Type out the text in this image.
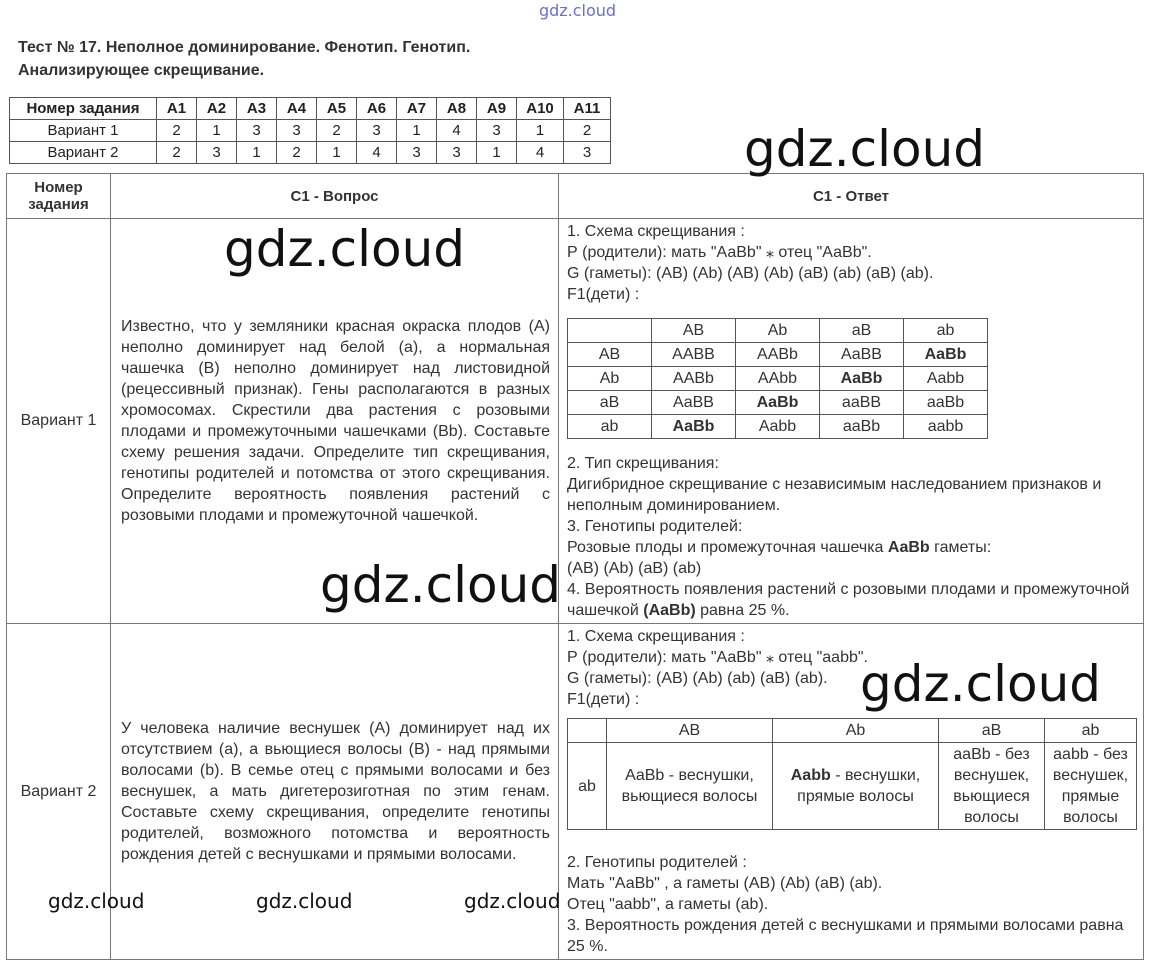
gdz.cloud
Тест № 17. Неполное доминирование. Фенотип. Генотип.
Анализирующее скрещивание.
Номер задания	A1	A2	A3	A4	A5	A6	A7	A8	A9	A10	A11
Вариант 1	2	1	3	3	2	3	1	4	3	1	2
Вариант 2	2	3	1	2	1	4	3	3	1	4	3
Номер задания	С1 - Вопрос	С1 - Ответ
Вариант 1	Известно, что у земляники красная окраска плодов (А) неполно доминирует над белой (а), а нормальная чашечка (В) неполно доминирует над листовидной (рецессивный признак). Гены располагаются в разных хромосомах. Скрестили два растения с розовыми плодами и промежуточными чашечками (Bb). Составьте схему решения задачи. Определите тип скрещивания, генотипы родителей и потомства от этого скрещивания. Определите вероятность появления растений с розовыми плодами и промежуточной чашечкой.	

1. Схема скрещивания :

Р (родители): мать "АаBb" ⁎ отец "АаBb".

G (гаметы): (AB) (Ab) (AB) (Ab) (aB) (ab) (aB) (ab).

F1(дети) :

	AB	Ab	aB	ab
AB	AABB	AABb	AaBB	AaBb
Ab	AABb	AAbb	AaBb	Aabb
aB	AaBB	AaBb	aaBB	aaBb
ab	AaBb	Aabb	aaBb	aabb

2. Тип скрещивания:

Дигибридное скрещивание с независимым наследованием признаков и неполным доминированием.

3. Генотипы родителей:

Розовые плоды и промежуточная чашечка AaBb гаметы:

(AB) (Ab) (aB) (ab)

4. Вероятность появления растений с розовыми плодами и промежуточной чашечкой (AaBb) равна 25 %.

Вариант 2	У человека наличие веснушек (А) доминирует над их отсутствием (а), а вьющиеся волосы (В) - над прямыми волосами (b). В семье отец с прямыми волосами и без веснушек, а мать дигетерозиготная по этим генам. Составьте схему скрещивания, определите генотипы родителей, возможного потомства и вероятность рождения детей с веснушками и прямыми волосами.	

1. Схема скрещивания :

Р (родители): мать "АаBb" ⁎ отец "aabb".

G (гаметы): (AB) (Ab) (ab) (aB) (ab).

F1(дети) :

	AB	Ab	aB	ab
ab	AaBb - веснушки, вьющиеся волосы	Aabb - веснушки, прямые волосы	aaBb - без веснушек, вьющиеся волосы	aabb - без веснушек, прямые волосы

2. Генотипы родителей :

Мать "АаBb" , а гаметы (AB) (Ab) (aB) (ab).

Отец "aabb", а гаметы (ab).

3. Вероятность рождения детей с веснушками и прямыми волосами равна 25 %.

gdz.cloud
gdz.cloud
gdz.cloud
gdz.cloud
gdz.cloud	gdz.cloud	gdz.cloud
